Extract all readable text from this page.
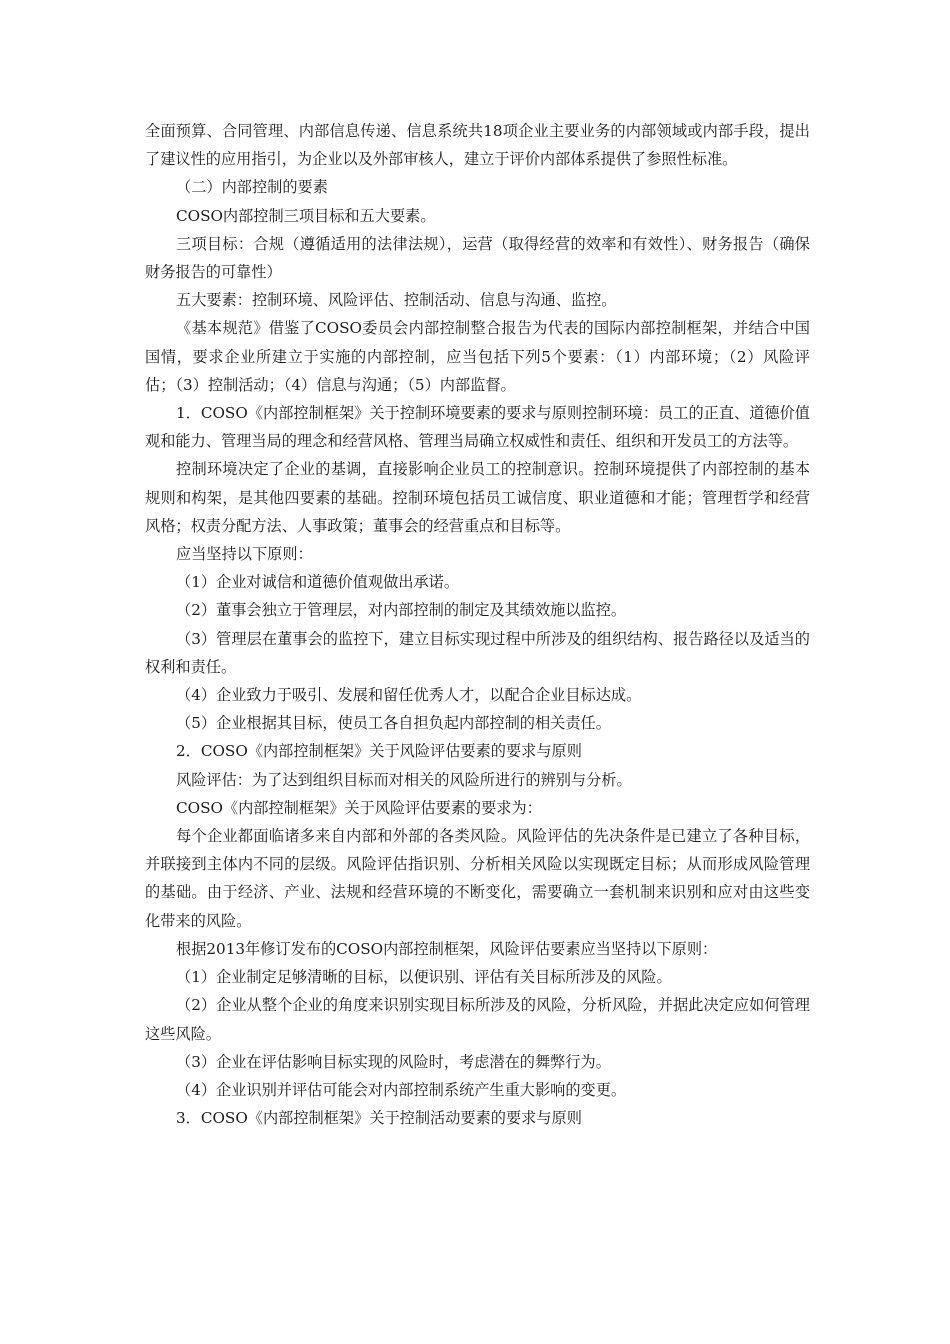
全面预算、合同管理、内部信息传递、信息系统共18项企业主要业务的内部领域或内部手段，提出了建议性的应用指引，为企业以及外部审核人，建立于评价内部体系提供了参照性标准。

（二）内部控制的要素

COSO内部控制三项目标和五大要素。

三项目标：合规（遵循适用的法律法规），运营（取得经营的效率和有效性）、财务报告（确保财务报告的可靠性）

五大要素：控制环境、风险评估、控制活动、信息与沟通、监控。

《基本规范》借鉴了COSO委员会内部控制整合报告为代表的国际内部控制框架，并结合中国国情，要求企业所建立于实施的内部控制，应当包括下列5个要素：（1）内部环境；（2）风险评估；（3）控制活动；（4）信息与沟通；（5）内部监督。

1．COSO《内部控制框架》关于控制环境要素的要求与原则控制环境：员工的正直、道德价值观和能力、管理当局的理念和经营风格、管理当局确立权威性和责任、组织和开发员工的方法等。

控制环境决定了企业的基调，直接影响企业员工的控制意识。控制环境提供了内部控制的基本规则和构架，是其他四要素的基础。控制环境包括员工诚信度、职业道德和才能；管理哲学和经营风格；权责分配方法、人事政策；董事会的经营重点和目标等。

应当坚持以下原则：

（1）企业对诚信和道德价值观做出承诺。

（2）董事会独立于管理层，对内部控制的制定及其绩效施以监控。

（3）管理层在董事会的监控下，建立目标实现过程中所涉及的组织结构、报告路径以及适当的权利和责任。

（4）企业致力于吸引、发展和留任优秀人才，以配合企业目标达成。

（5）企业根据其目标，使员工各自担负起内部控制的相关责任。

2．COSO《内部控制框架》关于风险评估要素的要求与原则

风险评估：为了达到组织目标而对相关的风险所进行的辨别与分析。

COSO《内部控制框架》关于风险评估要素的要求为：

每个企业都面临诸多来自内部和外部的各类风险。风险评估的先决条件是已建立了各种目标，并联接到主体内不同的层级。风险评估指识别、分析相关风险以实现既定目标；从而形成风险管理的基础。由于经济、产业、法规和经营环境的不断变化，需要确立一套机制来识别和应对由这些变化带来的风险。

根据2013年修订发布的COSO内部控制框架，风险评估要素应当坚持以下原则：

（1）企业制定足够清晰的目标，以便识别、评估有关目标所涉及的风险。

（2）企业从整个企业的角度来识别实现目标所涉及的风险，分析风险，并据此决定应如何管理这些风险。

（3）企业在评估影响目标实现的风险时，考虑潜在的舞弊行为。

（4）企业识别并评估可能会对内部控制系统产生重大影响的变更。

3．COSO《内部控制框架》关于控制活动要素的要求与原则
